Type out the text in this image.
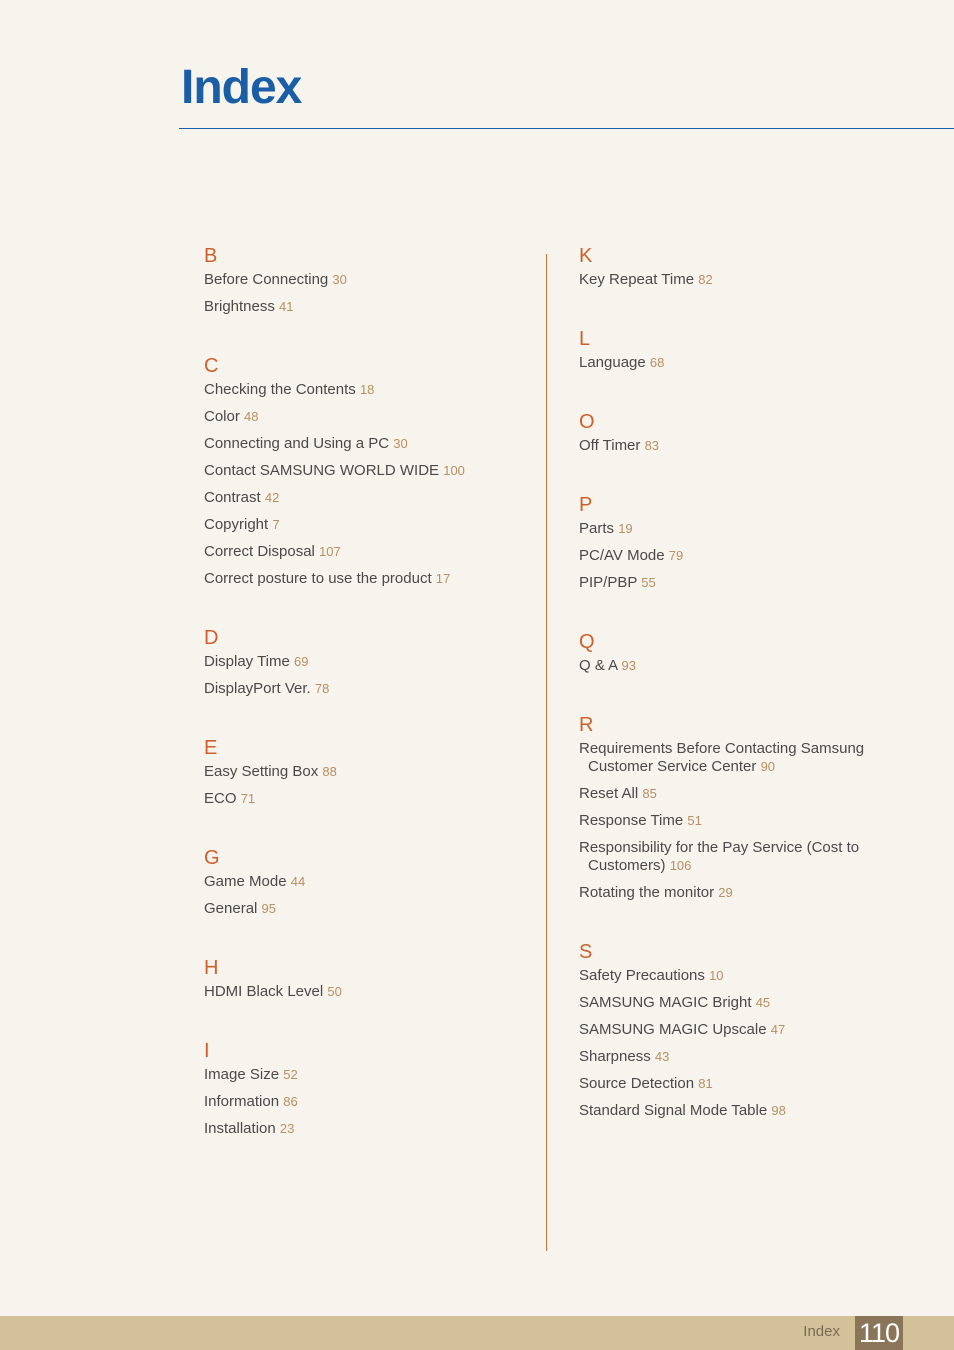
Index
B
Before Connecting 30
Brightness 41
C
Checking the Contents 18
Color 48
Connecting and Using a PC 30
Contact SAMSUNG WORLD WIDE 100
Contrast 42
Copyright 7
Correct Disposal 107
Correct posture to use the product 17
D
Display Time 69
DisplayPort Ver. 78
E
Easy Setting Box 88
ECO 71
G
Game Mode 44
General 95
H
HDMI Black Level 50
I
Image Size 52
Information 86
Installation 23
K
Key Repeat Time 82
L
Language 68
O
Off Timer 83
P
Parts 19
PC/AV Mode 79
PIP/PBP 55
Q
Q & A 93
R
Requirements Before Contacting Samsung Customer Service Center 90
Reset All 85
Response Time 51
Responsibility for the Pay Service (Cost to Customers) 106
Rotating the monitor 29
S
Safety Precautions 10
SAMSUNG MAGIC Bright 45
SAMSUNG MAGIC Upscale 47
Sharpness 43
Source Detection 81
Standard Signal Mode Table 98
Index 110
